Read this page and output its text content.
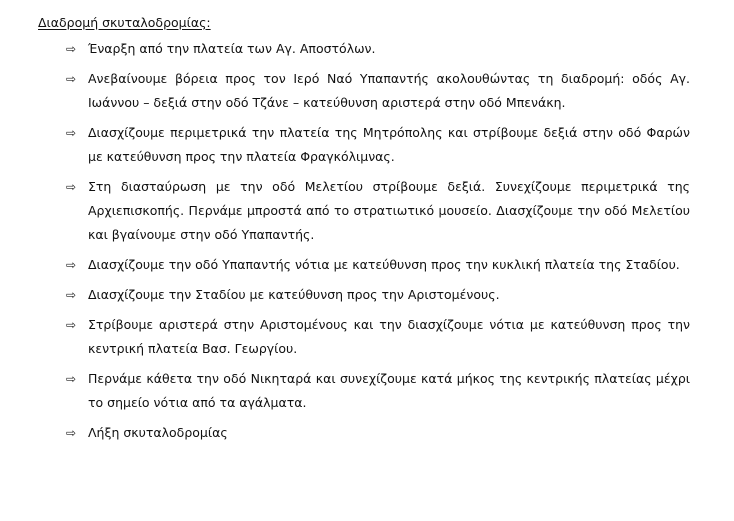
Διαδρομή σκυταλοδρομίας:
⇨ Έναρξη από την πλατεία των Αγ. Αποστόλων.
⇨ Ανεβαίνουμε βόρεια προς τον Ιερό Ναό Υπαπαντής ακολουθώντας τη διαδρομή: οδός Αγ. Ιωάννου – δεξιά στην οδό Τζάνε – κατεύθυνση αριστερά στην οδό Μπενάκη.
⇨ Διασχίζουμε περιμετρικά την πλατεία της Μητρόπολης και στρίβουμε δεξιά στην οδό Φαρών με κατεύθυνση προς την πλατεία Φραγκόλιμνας.
⇨ Στη διασταύρωση με την οδό Μελετίου στρίβουμε δεξιά. Συνεχίζουμε περιμετρικά της Αρχιεπισκοπής. Περνάμε μπροστά από το στρατιωτικό μουσείο. Διασχίζουμε την οδό Μελετίου και βγαίνουμε στην οδό Υπαπαντής.
⇨ Διασχίζουμε την οδό Υπαπαντής νότια με κατεύθυνση προς την κυκλική πλατεία της Σταδίου.
⇨ Διασχίζουμε την Σταδίου με κατεύθυνση προς την Αριστομένους.
⇨ Στρίβουμε αριστερά στην Αριστομένους και την διασχίζουμε νότια με κατεύθυνση προς την κεντρική πλατεία Βασ. Γεωργίου.
⇨ Περνάμε κάθετα την οδό Νικηταρά και συνεχίζουμε κατά μήκος της κεντρικής πλατείας μέχρι το σημείο νότια από τα αγάλματα.
⇨ Λήξη σκυταλοδρομίας
